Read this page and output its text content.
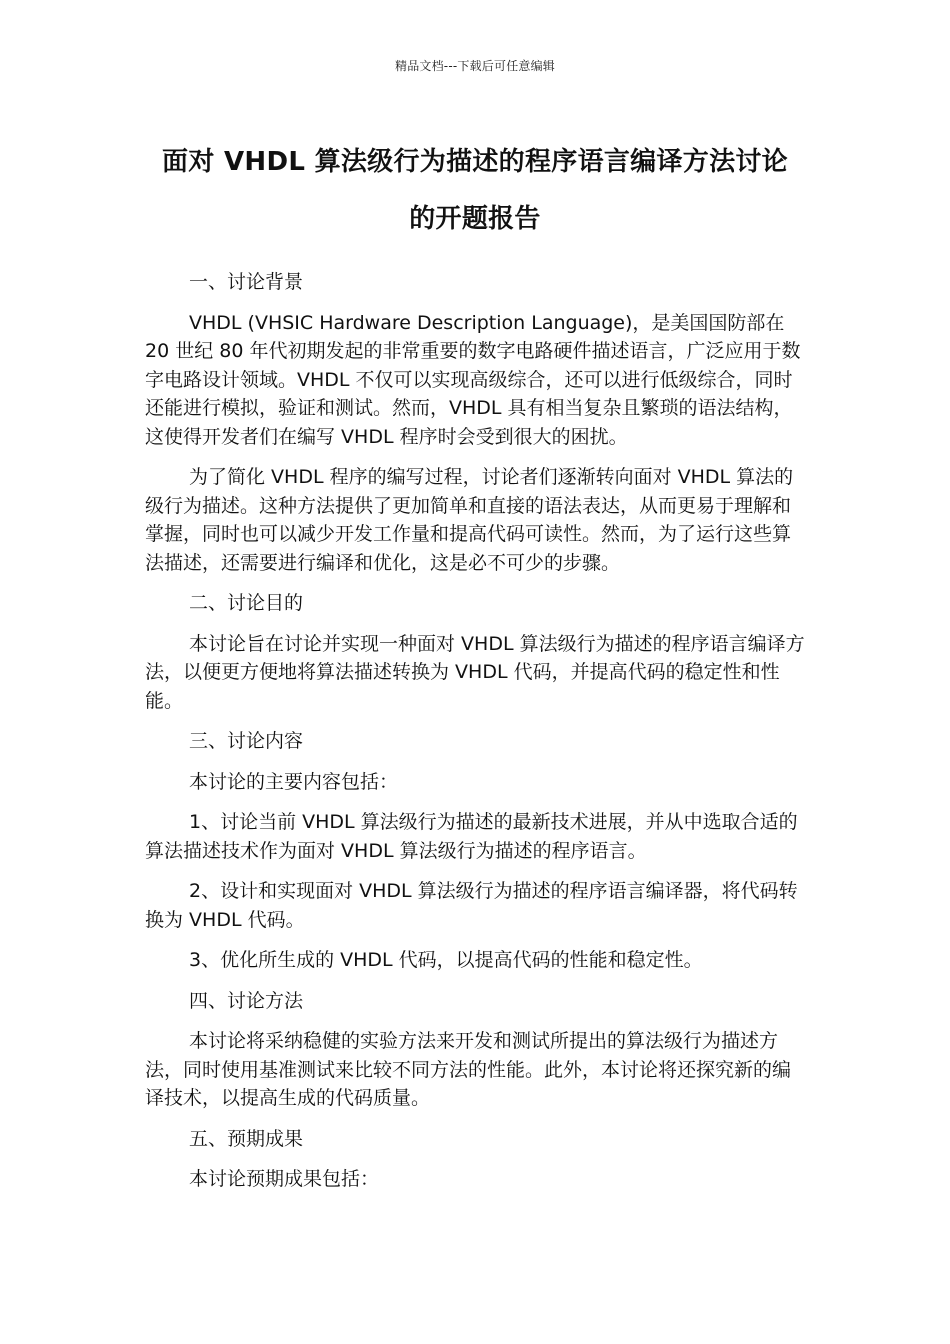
精品文档---下载后可任意编辑
面对 VHDL 算法级行为描述的程序语言编译方法讨论
的开题报告

一、讨论背景

VHDL (VHSIC Hardware Description Language)，是美国国防部在 20 世纪 80 年代初期发起的非常重要的数字电路硬件描述语言，广泛应用于数字电路设计领域。VHDL 不仅可以实现高级综合，还可以进行低级综合，同时还能进行模拟，验证和测试。然而，VHDL 具有相当复杂且繁琐的语法结构，这使得开发者们在编写 VHDL 程序时会受到很大的困扰。

为了简化 VHDL 程序的编写过程，讨论者们逐渐转向面对 VHDL 算法的级行为描述。这种方法提供了更加简单和直接的语法表达，从而更易于理解和掌握，同时也可以减少开发工作量和提高代码可读性。然而，为了运行这些算法描述，还需要进行编译和优化，这是必不可少的步骤。

二、讨论目的

本讨论旨在讨论并实现一种面对 VHDL 算法级行为描述的程序语言编译方法，以便更方便地将算法描述转换为 VHDL 代码，并提高代码的稳定性和性能。

三、讨论内容

本讨论的主要内容包括：

1、讨论当前 VHDL 算法级行为描述的最新技术进展，并从中选取合适的算法描述技术作为面对 VHDL 算法级行为描述的程序语言。

2、设计和实现面对 VHDL 算法级行为描述的程序语言编译器，将代码转换为 VHDL 代码。

3、优化所生成的 VHDL 代码，以提高代码的性能和稳定性。

四、讨论方法

本讨论将采纳稳健的实验方法来开发和测试所提出的算法级行为描述方法，同时使用基准测试来比较不同方法的性能。此外，本讨论将还探究新的编译技术，以提高生成的代码质量。

五、预期成果

本讨论预期成果包括：
